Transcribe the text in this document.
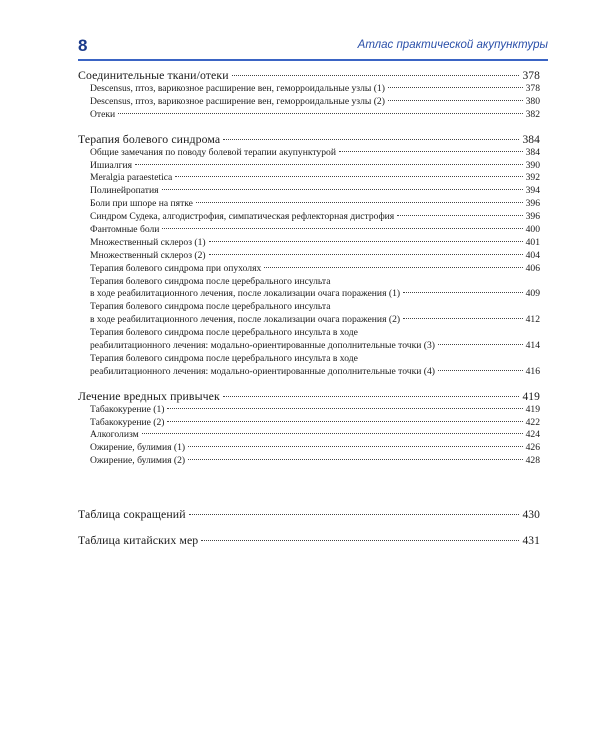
8	Атлас практической акупунктуры
Соединительные ткани/отеки	378
Descensus, птоз, варикозное расширение вен, геморроидальные узлы (1)	378
Descensus, птоз, варикозное расширение вен, геморроидальные узлы (2)	380
Отеки	382
Терапия болевого синдрома	384
Общие замечания по поводу болевой терапии акупунктурой	384
Ишиалгия	390
Meralgia paraestetica	392
Полинейропатия	394
Боли при шпоре на пятке	396
Синдром Судека, алгодистрофия, симпатическая рефлекторная дистрофия	396
Фантомные боли	400
Множественный склероз (1)	401
Множественный склероз (2)	404
Терапия болевого синдрома при опухолях	406
Терапия болевого синдрома после церебрального инсульта
в ходе реабилитационного лечения, после локализации очага поражения (1)	409
Терапия болевого синдрома после церебрального инсульта
в ходе реабилитационного лечения, после локализации очага поражения (2)	412
Терапия болевого синдрома после церебрального инсульта в ходе
реабилитационного лечения: модально-ориентированные дополнительные точки (3)	414
Терапия болевого синдрома после церебрального инсульта в ходе
реабилитационного лечения: модально-ориентированные дополнительные точки (4)	416
Лечение вредных привычек	419
Табакокурение (1)	419
Табакокурение (2)	422
Алкоголизм	424
Ожирение, булимия (1)	426
Ожирение, булимия (2)	428
Таблица сокращений	430
Таблица китайских мер	431
